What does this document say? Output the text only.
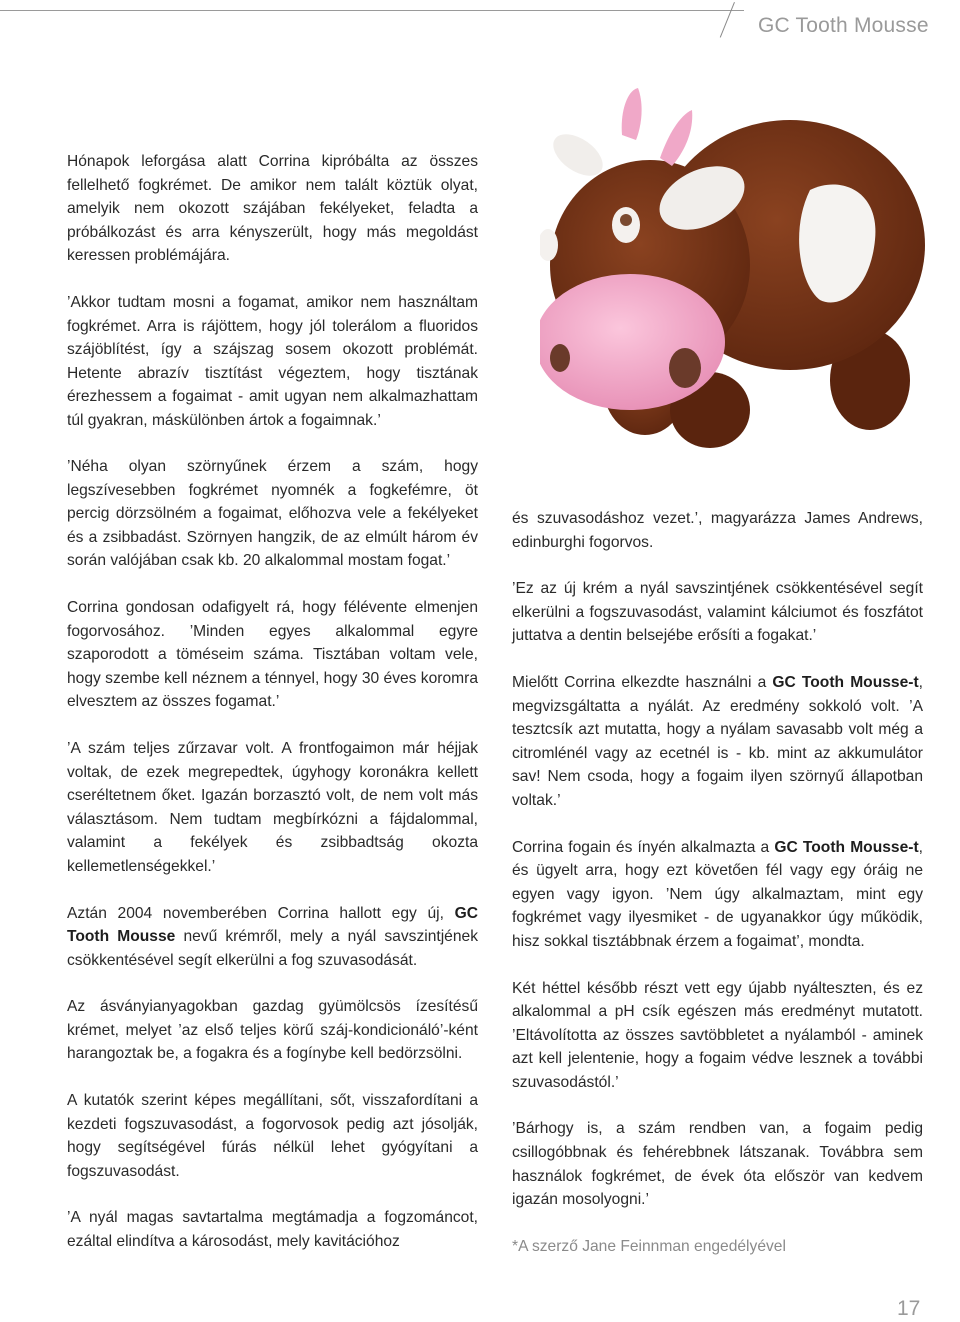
GC Tooth Mousse

Hónapok leforgása alatt Corrina kipróbálta az összes fellelhető fogkrémet. De amikor nem talált köztük olyat, amelyik nem okozott szájában fekélyeket, feladta a próbálkozást és arra kényszerült, hogy más megoldást keressen problémájára.

’Akkor tudtam mosni a fogamat, amikor nem használtam fogkrémet. Arra is rájöttem, hogy jól tolerálom a fluoridos szájöblítést, így a szájszag sosem okozott problémát. Hetente abrazív tisztítást végeztem, hogy tisztának érezhessem a fogaimat - amit ugyan nem alkalmazhattam túl gyakran, máskülönben ártok a fogaimnak.’

’Néha olyan szörnyűnek érzem a szám, hogy legszívesebben fogkrémet nyomnék a fogkefémre, öt percig dörzsölném a fogaimat, előhozva vele a fekélyeket és a zsibbadást. Szörnyen hangzik, de az elmúlt három év során valójában csak kb. 20 alkalommal mostam fogat.’

Corrina gondosan odafigyelt rá, hogy félévente elmenjen fogorvosához. ’Minden egyes alkalommal egyre szaporodott a töméseim száma. Tisztában voltam vele, hogy szembe kell néznem a ténnyel, hogy 30 éves koromra elvesztem az összes fogamat.’

’A szám teljes zűrzavar volt. A frontfogaimon már héjjak voltak, de ezek megrepedtek, úgyhogy koronákra kellett cseréltetnem őket. Igazán borzasztó volt, de nem volt más választásom. Nem tudtam megbírkózni a fájdalommal, valamint a fekélyek és zsibbadtság okozta kellemetlenségekkel.’

Aztán 2004 novemberében Corrina hallott egy új, GC Tooth Mousse nevű krémről, mely a nyál savszintjének csökkentésével segít elkerülni a fog szuvasodását.

Az ásványianyagokban gazdag gyümölcsös ízesítésű krémet, melyet ’az első teljes körű száj-kondicionáló’-ként harangoztak be, a fogakra és a fogínybe kell bedörzsölni.

A kutatók szerint képes megállítani, sőt, visszafordítani a kezdeti fogszuvasodást, a fogorvosok pedig azt jósolják, hogy segítségével fúrás nélkül lehet gyógyítani a fogszuvasodást.

’A nyál magas savtartalma megtámadja a fogzománcot, ezáltal elindítva a károsodást, mely kavitációhoz

és szuvasodáshoz vezet.’, magyarázza James Andrews, edinburghi fogorvos.

’Ez az új krém a nyál savszintjének csökkentésével segít elkerülni a fogszuvasodást, valamint kálciumot és foszfátot juttatva a dentin belsejébe erősíti a fogakat.’

Mielőtt Corrina elkezdte használni a GC Tooth Mousse-t, megvizsgáltatta a nyálát. Az eredmény sokkoló volt. ’A tesztcsík azt mutatta, hogy a nyálam savasabb volt még a citromlénél vagy az ecetnél is - kb. mint az akkumulátor sav! Nem csoda, hogy a fogaim ilyen szörnyű állapotban voltak.’

Corrina fogain és ínyén alkalmazta a GC Tooth Mousse-t, és ügyelt arra, hogy ezt követően fél vagy egy óráig ne egyen vagy igyon. ’Nem úgy alkalmaztam, mint egy fogkrémet vagy ilyesmiket - de ugyanakkor úgy működik, hisz sokkal tisztábbnak érzem a fogaimat’, mondta.

Két héttel később részt vett egy újabb nyálteszten, és ez alkalommal a pH csík egészen más eredményt mutatott. ’Eltávolította az összes savtöbbletet a nyálamból - aminek azt kell jelentenie, hogy a fogaim védve lesznek a további szuvasodástól.’

’Bárhogy is, a szám rendben van, a fogaim pedig csillogóbbnak és fehérebbnek látszanak. Továbbra sem használok fogkrémet, de évek óta először van kedvem igazán mosolyogni.’

*A szerző Jane Feinnman engedélyével

17
